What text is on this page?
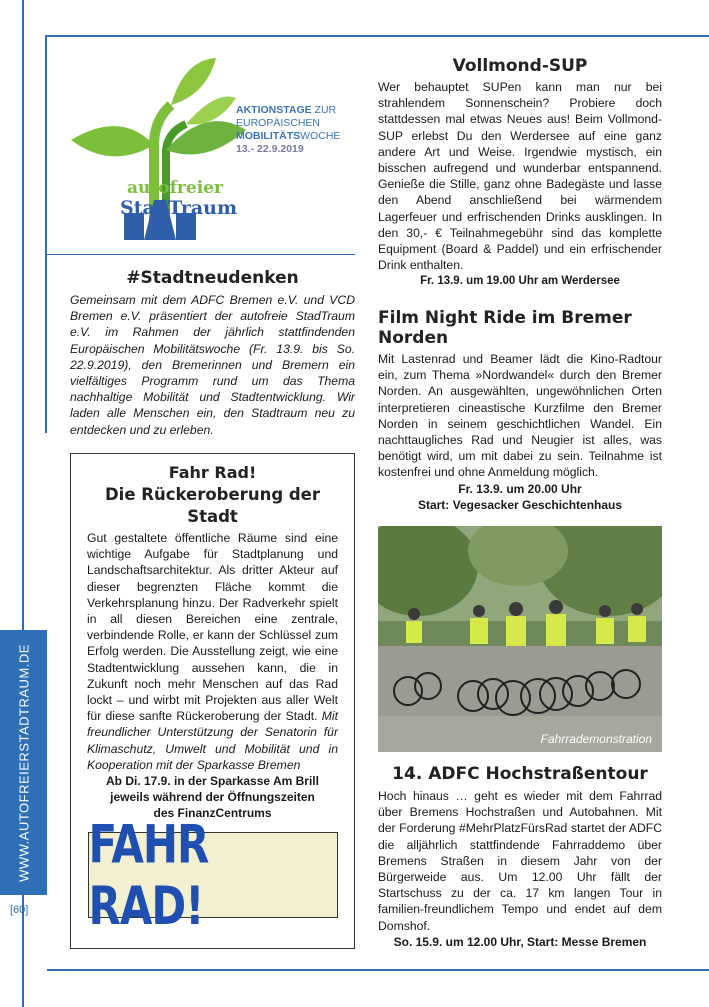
WWW.AUTOFREIERSTADTRAUM.DE
[60]
autofreier
StadTraum
AKTIONSTAGE ZUR
EUROPÄISCHEN
MOBILITÄTSWOCHE
13.- 22.9.2019
#Stadtneudenken

Gemeinsam mit dem ADFC Bremen e.V. und VCD Bremen e.V. präsentiert der autofreie StadTraum e.V. im Rahmen der jährlich stattfindenden Europäischen Mobilitätswoche (Fr. 13.9. bis So. 22.9.2019), den Bremerinnen und Bremern ein vielfältiges Programm rund um das Thema nachhaltige Mobilität und Stadtentwicklung. Wir laden alle Menschen ein, den Stadtraum neu zu entdecken und zu erleben.

Fahr Rad!
Die Rückeroberung der Stadt

Gut gestaltete öffentliche Räume sind eine wichtige Aufgabe für Stadtplanung und Landschaftsarchitektur. Als dritter Akteur auf dieser begrenzten Fläche kommt die Verkehrsplanung hinzu. Der Radverkehr spielt in all diesen Bereichen eine zentrale, verbindende Rolle, er kann der Schlüssel zum Erfolg werden. Die Ausstellung zeigt, wie eine Stadtentwicklung aussehen kann, die in Zukunft noch mehr Menschen auf das Rad lockt – und wirbt mit Projekten aus aller Welt für diese sanfte Rückeroberung der Stadt. Mit freundlicher Unterstützung der Senatorin für Klimaschutz, Umwelt und Mobilität und in Kooperation mit der Sparkasse Bremen

Ab Di. 17.9. in der Sparkasse Am Brill

jeweils während der Öffnungszeiten

des FinanzCentrums

FAHR RAD!
Vollmond-SUP

Wer behauptet SUPen kann man nur bei strahlendem Sonnenschein? Probiere doch stattdessen mal etwas Neues aus! Beim Vollmond-SUP erlebst Du den Werdersee auf eine ganz andere Art und Weise. Irgendwie mystisch, ein bisschen aufregend und wunderbar entspannend. Genieße die Stille, ganz ohne Badegäste und lasse den Abend anschließend bei wärmendem Lagerfeuer und erfrischenden Drinks ausklingen. In den 30,- € Teilnahmegebühr sind das komplette Equipment (Board & Paddel) und ein erfrischender Drink enthalten.

Fr. 13.9. um 19.00 Uhr am Werdersee

Film Night Ride im Bremer Norden

Mit Lastenrad und Beamer lädt die Kino-Radtour ein, zum Thema »Nordwandel« durch den Bremer Norden. An ausgewählten, ungewöhnlichen Orten interpretieren cineastische Kurzfilme den Bremer Norden in seinem geschichtlichen Wandel. Ein nachttaugliches Rad und Neugier ist alles, was benötigt wird, um mit dabei zu sein. Teilnahme ist kostenfrei und ohne Anmeldung möglich.

Fr. 13.9. um 20.00 Uhr

Start: Vegesacker Geschichtenhaus

Fahrrademonstration
14. ADFC Hochstraßentour

Hoch hinaus … geht es wieder mit dem Fahrrad über Bremens Hochstraßen und Autobahnen. Mit der Forderung #MehrPlatzFürsRad startet der ADFC die alljährlich stattfindende Fahrraddemo über Bremens Straßen in diesem Jahr von der Bürgerweide aus. Um 12.00 Uhr fällt der Startschuss zu der ca. 17 km langen Tour in familien-freundlichem Tempo und endet auf dem Domshof.

So. 15.9. um 12.00 Uhr, Start: Messe Bremen
